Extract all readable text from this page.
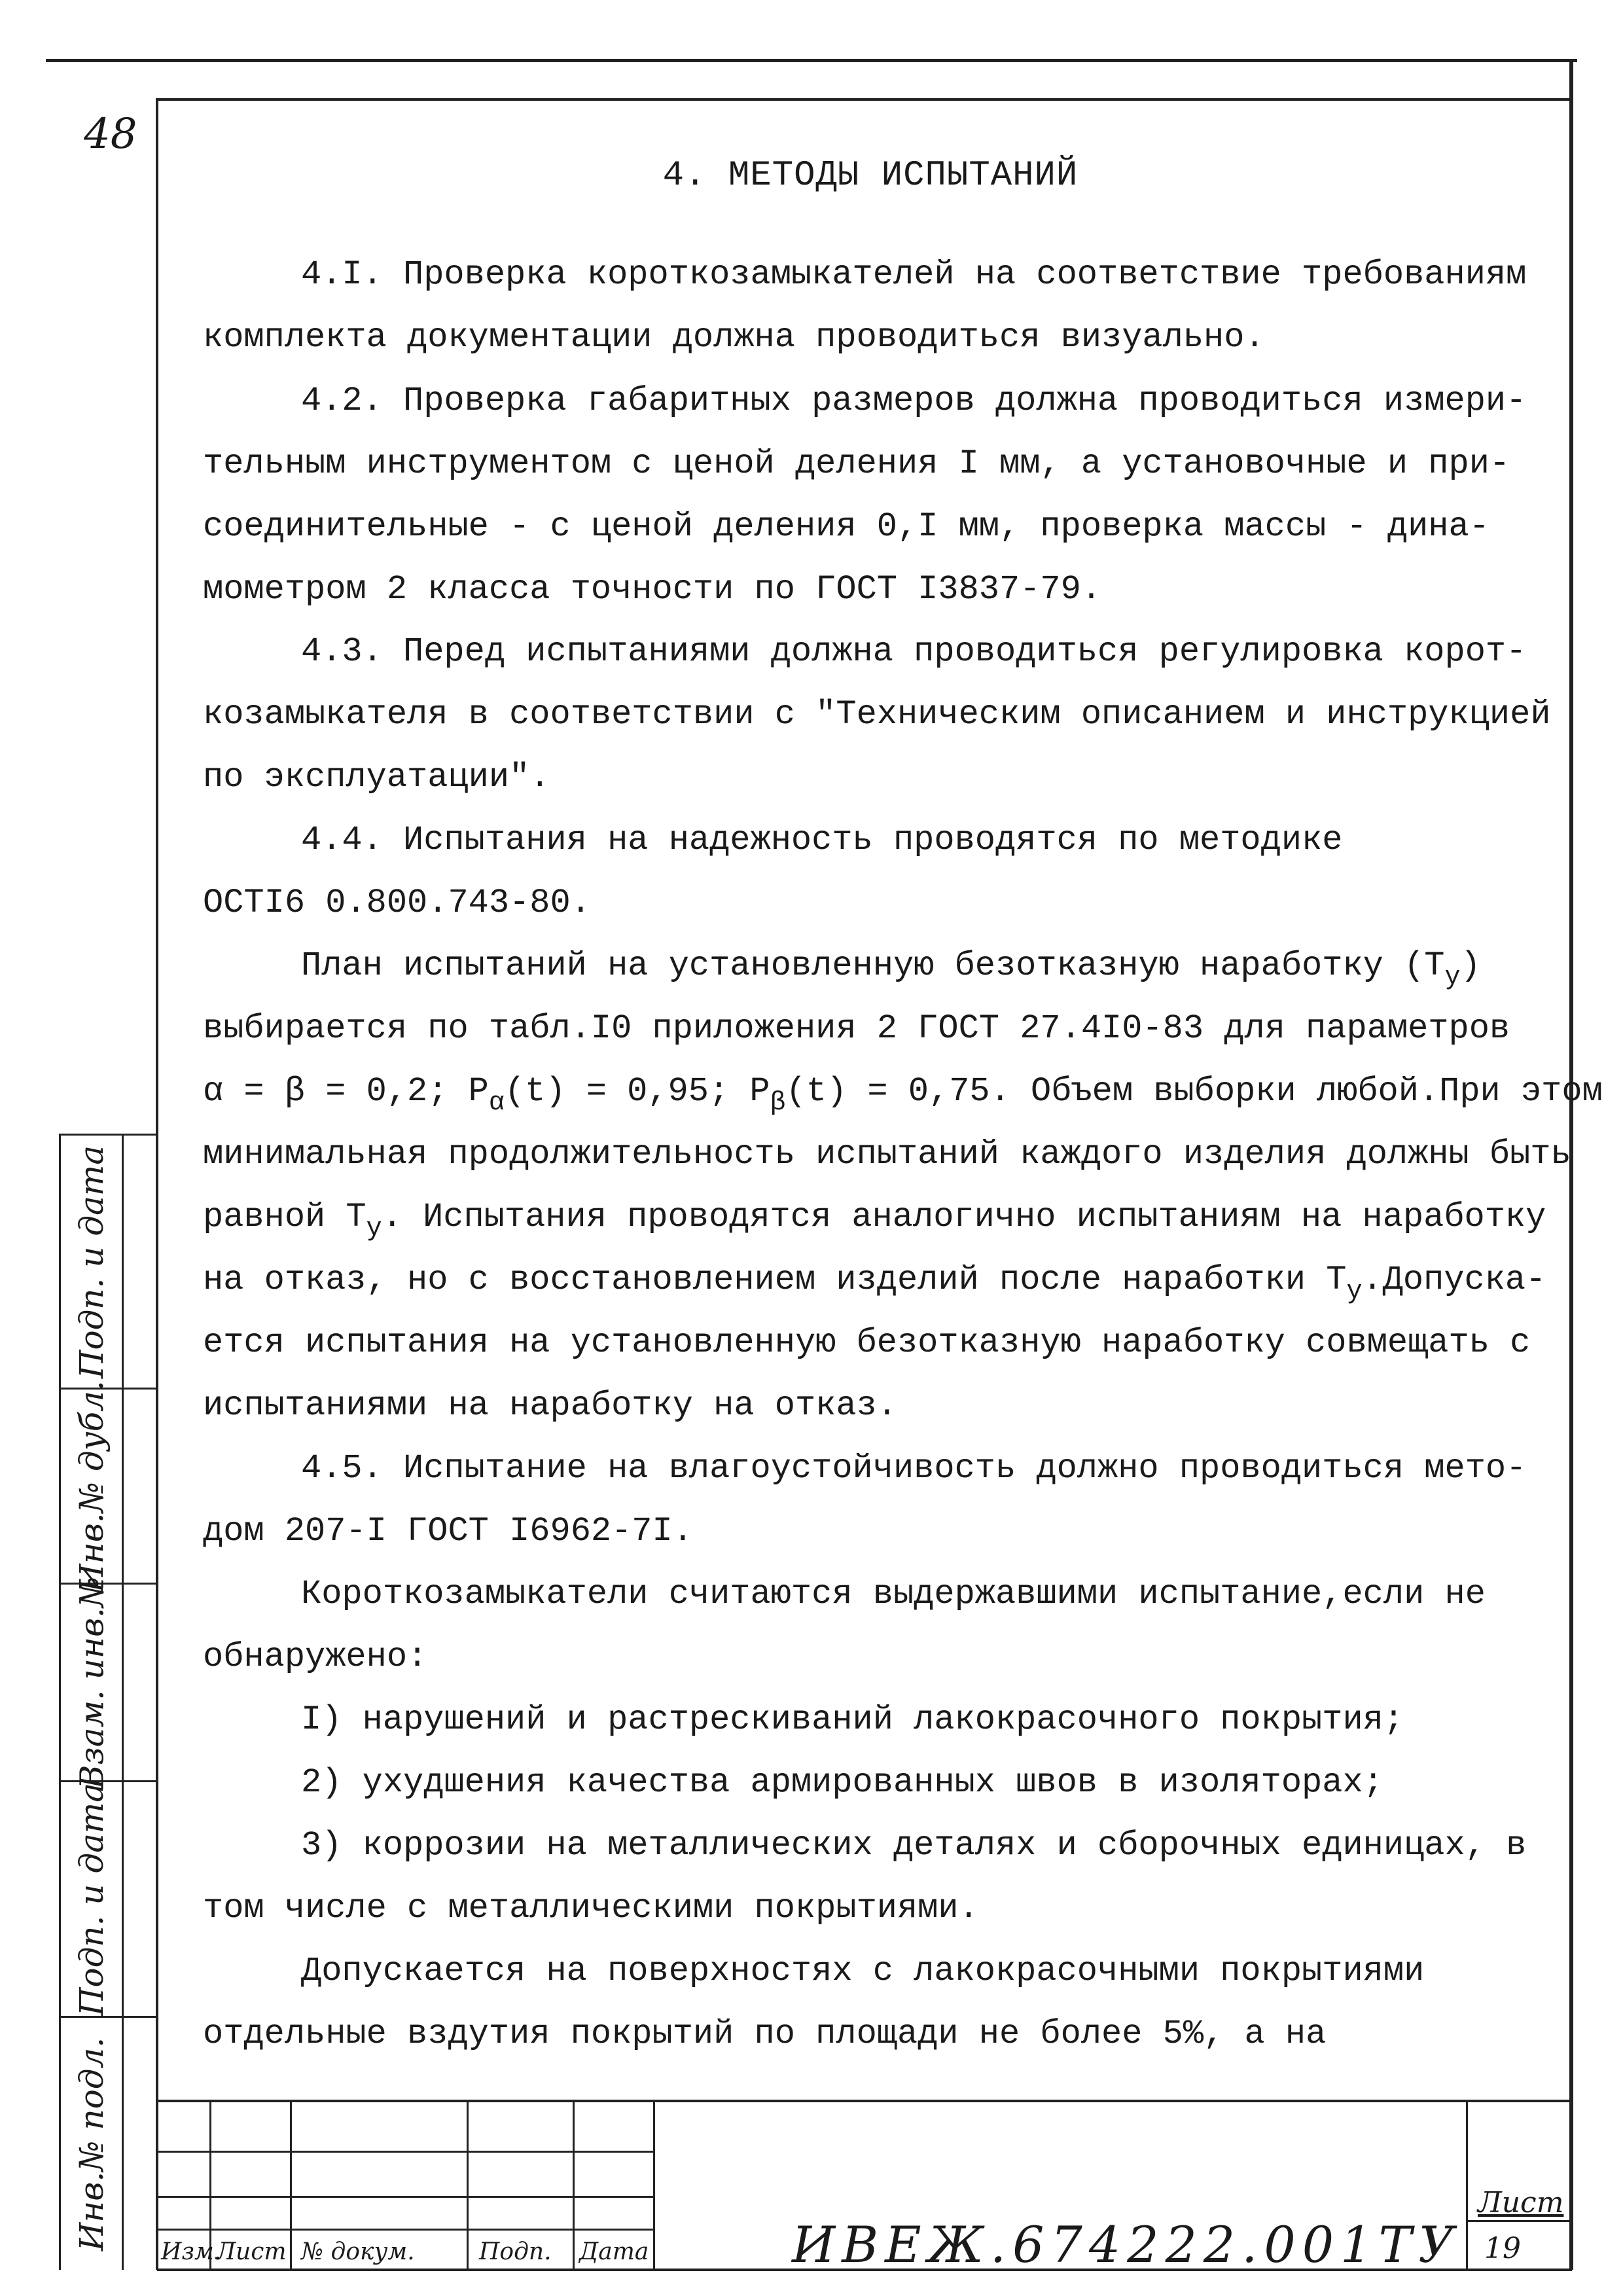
48
4. МЕТОДЫ ИСПЫТАНИЙ
4.I. Проверка короткозамыкателей на соответствие требованиям
комплекта документации должна проводиться визуально.
4.2. Проверка габаритных размеров должна проводиться измери-
тельным инструментом с ценой деления I мм, а установочные и при-
соединительные - с ценой деления 0,I мм, проверка массы - дина-
мометром 2 класса точности по ГОСТ I3837-79.
4.3. Перед испытаниями должна проводиться регулировка корот-
козамыкателя в соответствии с "Техническим описанием и инструкцией
по эксплуатации".
4.4. Испытания на надежность проводятся по методике
ОСТI6 0.800.743-80.
План испытаний на установленную безотказную наработку $(Т_у)$
выбирается по табл.I0 приложения 2 ГОСТ 27.4I0-83 для параметров
α = β = 0,2; $Р_\alpha(t) = 0,95$; $Р_\beta(t) = 0,75$. Объем выборки любой.При этом
минимальная продолжительность испытаний каждого изделия должны быть
равной $Т_у$. Испытания проводятся аналогично испытаниям на наработку
на отказ, но с восстановлением изделий после наработки $Т_у.Допуска-$
ется испытания на установленную безотказную наработку совмещать с
испытаниями на наработку на отказ.
4.5. Испытание на влагоустойчивость должно проводиться мето-
дом 207-I ГОСТ I6962-7I.
Короткозамыкатели считаются выдержавшими испытание,если не
обнаружено:
I) нарушений и растрескиваний лакокрасочного покрытия;
2) ухудшения качества армированных швов в изоляторах;
3) коррозии на металлических деталях и сборочных единицах, в
том числе с металлическими покрытиями.
Допускается на поверхностях с лакокрасочными покрытиями
отдельные вздутия покрытий по площади не более 5%, а на
Подп. и дата
Инв.№ дубл.
Взам. инв.№
Подп. и дата
Инв.№ подл.
Изм.
Лист № докум.	Подп. Дата	ИВЕЖ.674222.001ТУ
Лист
19
